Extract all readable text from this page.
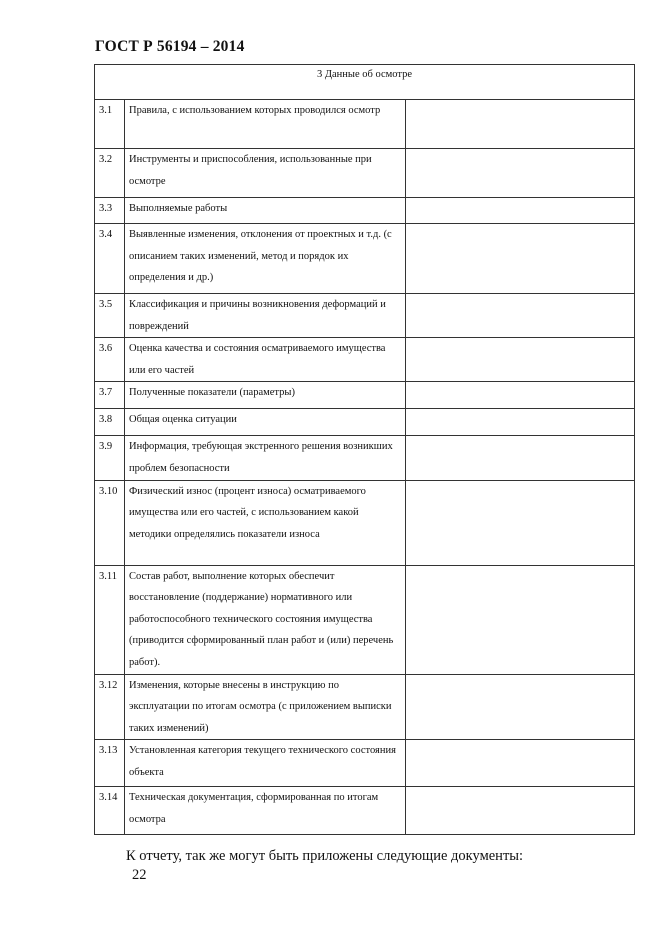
ГОСТ Р 56194 – 2014
3 Данные об осмотре		
3.1	Правила, с использованием которых проводился осмотр	
3.2	Инструменты и приспособления, использованные при осмотре	
3.3	Выполняемые работы	
3.4	Выявленные изменения, отклонения от проектных и т.д. (с описанием таких изменений, метод и порядок их определения и др.)	
3.5	Классификация и причины возникновения деформаций и повреждений	
3.6	Оценка качества и состояния осматриваемого имущества или его частей	
3.7	Полученные показатели (параметры)	
3.8	Общая оценка ситуации	
3.9	Информация, требующая экстренного решения возникших проблем безопасности	
3.10	Физический износ (процент износа) осматриваемого имущества или его частей, с использованием какой методики определялись показатели износа	
3.11	Состав работ, выполнение которых обеспечит восстановление (поддержание) нормативного или работоспособного технического состояния имущества (приводится сформированный план работ и (или) перечень работ).	
3.12	Изменения, которые внесены в инструкцию по эксплуатации по итогам осмотра (с приложением выписки таких изменений)	
3.13	Установленная категория текущего технического состояния объекта	
3.14	Техническая документация, сформированная по итогам осмотра	
К отчету, так же могут быть приложены следующие документы:
22
